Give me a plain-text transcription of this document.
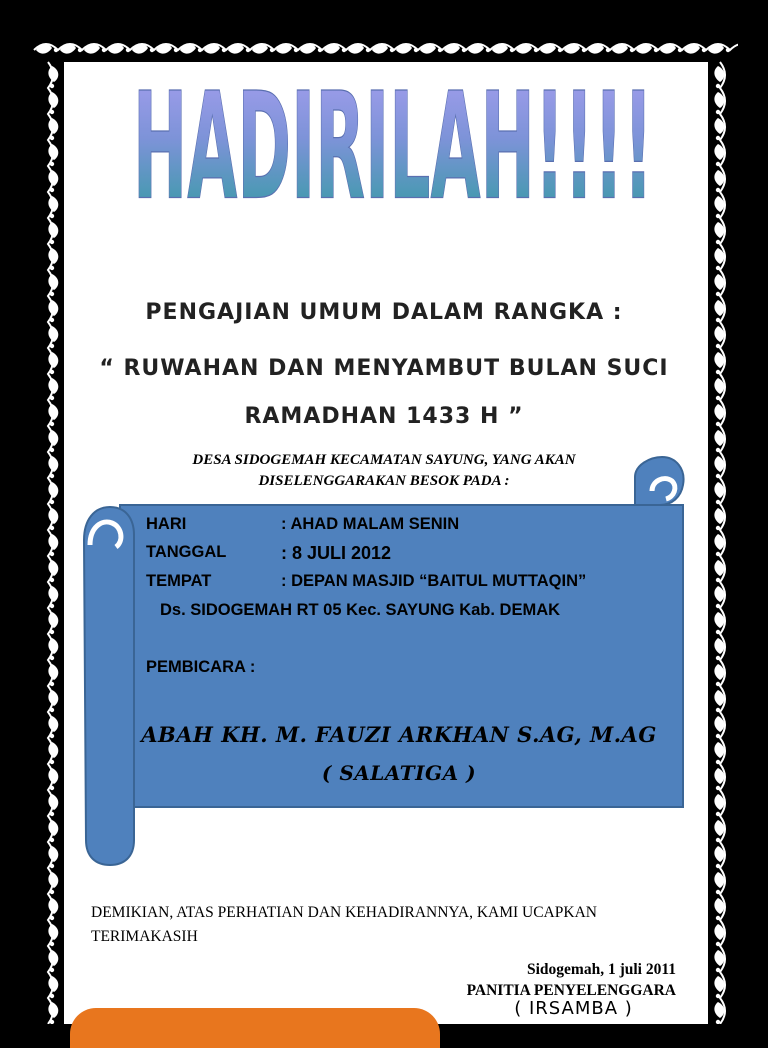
HADIRILAH!!!!
PENGAJIAN UMUM DALAM RANGKA :
“ RUWAHAN DAN MENYAMBUT BULAN SUCI
RAMADHAN 1433 H ”
DESA SIDOGEMAH KECAMATAN SAYUNG, YANG AKAN
DISELENGGARAKAN BESOK PADA :
HARI	: AHAD MALAM SENIN
TANGGAL	: 8 JULI 2012
TEMPAT	: DEPAN MASJID “BAITUL MUTTAQIN”
Ds. SIDOGEMAH RT 05 Kec. SAYUNG Kab. DEMAK
PEMBICARA :
ABAH KH. M. FAUZI ARKHAN S.AG, M.AG
( SALATIGA )
DEMIKIAN, ATAS PERHATIAN DAN KEHADIRANNYA, KAMI UCAPKAN
TERIMAKASIH
Sidogemah, 1 juli 2011
PANITIA PENYELENGGARA
( IRSAMBA )
